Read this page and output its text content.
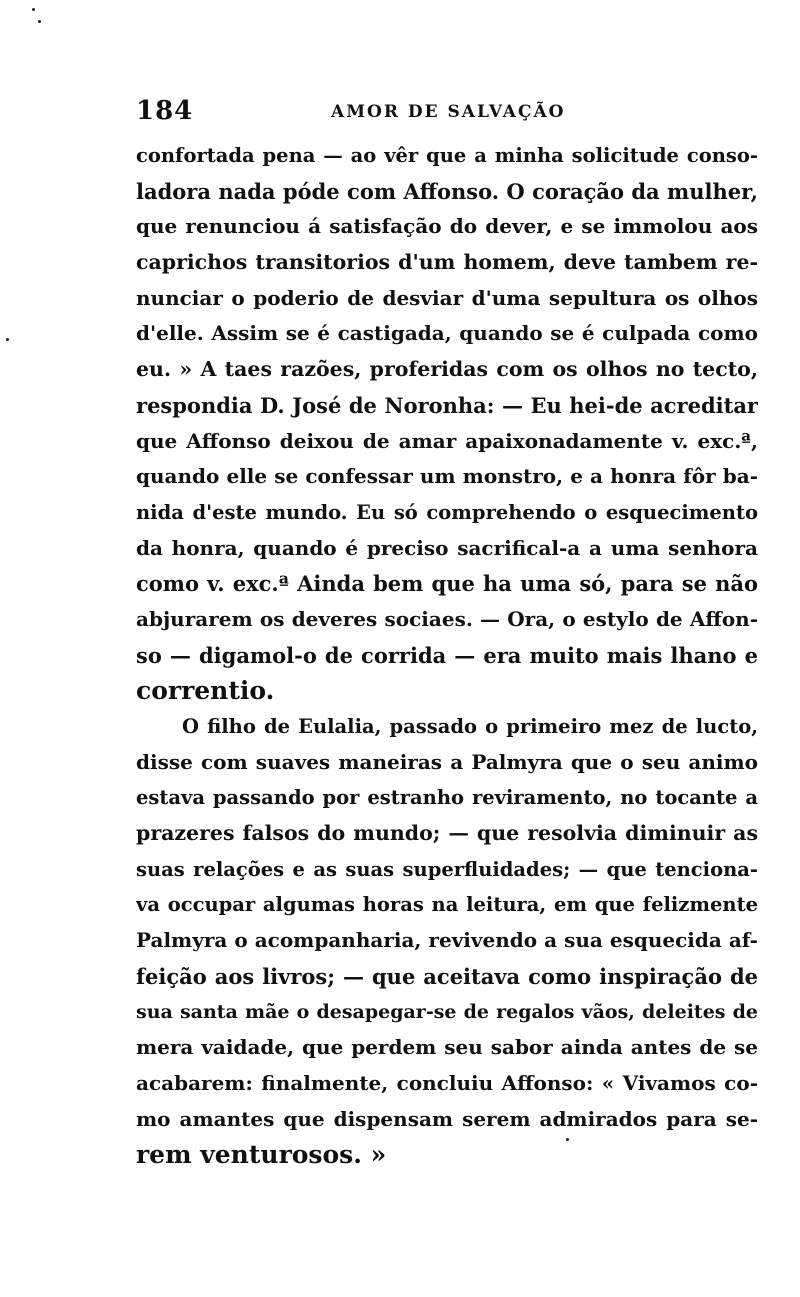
184	AMOR DE SALVAÇÃO
confortada pena — ao vêr que a minha solicitude conso-
ladora nada póde com Affonso. O coração da mulher,
que renunciou á satisfação do dever, e se immolou aos
caprichos transitorios d'um homem, deve tambem re-
nunciar o poderio de desviar d'uma sepultura os olhos
d'elle. Assim se é castigada, quando se é culpada como
eu. » A taes razões, proferidas com os olhos no tecto,
respondia D. José de Noronha: — Eu hei-de acreditar
que Affonso deixou de amar apaixonadamente v. exc.ª,
quando elle se confessar um monstro, e a honra fôr ba-
nida d'este mundo. Eu só comprehendo o esquecimento
da honra, quando é preciso sacrifical-a a uma senhora
como v. exc.ª Ainda bem que ha uma só, para se não
abjurarem os deveres sociaes. — Ora, o estylo de Affon-
so — digamol-o de corrida — era muito mais lhano e
correntio.
O filho de Eulalia, passado o primeiro mez de lucto,
disse com suaves maneiras a Palmyra que o seu animo
estava passando por estranho reviramento, no tocante a
prazeres falsos do mundo; — que resolvia diminuir as
suas relações e as suas superfluidades; — que tenciona-
va occupar algumas horas na leitura, em que felizmente
Palmyra o acompanharia, revivendo a sua esquecida af-
feição aos livros; — que aceitava como inspiração de
sua santa mãe o desapegar-se de regalos vãos, deleites de
mera vaidade, que perdem seu sabor ainda antes de se
acabarem: finalmente, concluiu Affonso: « Vivamos co-
mo amantes que dispensam serem admirados para se-
rem venturosos. »
